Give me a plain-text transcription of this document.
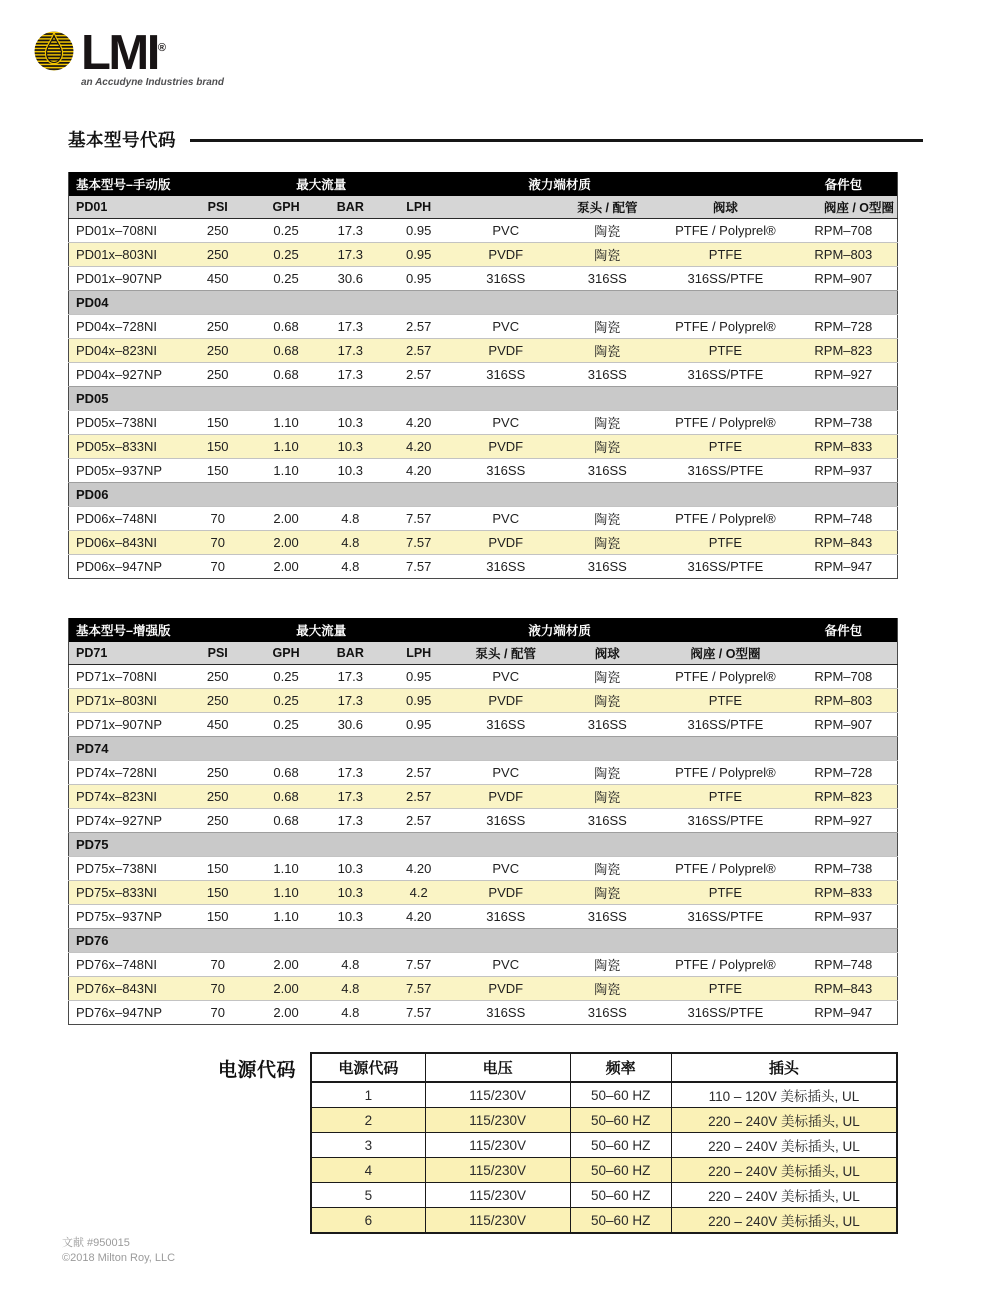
LMI®
an Accudyne Industries brand
基本型号代码
基本型号–手动版	最大流量				液力端材质			备件包
PD01	PSI	GPH	BAR	LPH		泵头 / 配管	阀球	阀座 / O型圈
PD01x–708NI	250	0.25	17.3	0.95	PVC	陶瓷	PTFE / Polyprel®	RPM–708
PD01x–803NI	250	0.25	17.3	0.95	PVDF	陶瓷	PTFE	RPM–803
PD01x–907NP	450	0.25	30.6	0.95	316SS	316SS	316SS/PTFE	RPM–907
PD04								
PD04x–728NI	250	0.68	17.3	2.57	PVC	陶瓷	PTFE / Polyprel®	RPM–728
PD04x–823NI	250	0.68	17.3	2.57	PVDF	陶瓷	PTFE	RPM–823
PD04x–927NP	250	0.68	17.3	2.57	316SS	316SS	316SS/PTFE	RPM–927
PD05								
PD05x–738NI	150	1.10	10.3	4.20	PVC	陶瓷	PTFE / Polyprel®	RPM–738
PD05x–833NI	150	1.10	10.3	4.20	PVDF	陶瓷	PTFE	RPM–833
PD05x–937NP	150	1.10	10.3	4.20	316SS	316SS	316SS/PTFE	RPM–937
PD06								
PD06x–748NI	70	2.00	4.8	7.57	PVC	陶瓷	PTFE / Polyprel®	RPM–748
PD06x–843NI	70	2.00	4.8	7.57	PVDF	陶瓷	PTFE	RPM–843
PD06x–947NP	70	2.00	4.8	7.57	316SS	316SS	316SS/PTFE	RPM–947
基本型号–增强版	最大流量				液力端材质			备件包
PD71	PSI	GPH	BAR	LPH	泵头 / 配管	阀球	阀座 / O型圈	
PD71x–708NI	250	0.25	17.3	0.95	PVC	陶瓷	PTFE / Polyprel®	RPM–708
PD71x–803NI	250	0.25	17.3	0.95	PVDF	陶瓷	PTFE	RPM–803
PD71x–907NP	450	0.25	30.6	0.95	316SS	316SS	316SS/PTFE	RPM–907
PD74								
PD74x–728NI	250	0.68	17.3	2.57	PVC	陶瓷	PTFE / Polyprel®	RPM–728
PD74x–823NI	250	0.68	17.3	2.57	PVDF	陶瓷	PTFE	RPM–823
PD74x–927NP	250	0.68	17.3	2.57	316SS	316SS	316SS/PTFE	RPM–927
PD75								
PD75x–738NI	150	1.10	10.3	4.20	PVC	陶瓷	PTFE / Polyprel®	RPM–738
PD75x–833NI	150	1.10	10.3	4.2	PVDF	陶瓷	PTFE	RPM–833
PD75x–937NP	150	1.10	10.3	4.20	316SS	316SS	316SS/PTFE	RPM–937
PD76								
PD76x–748NI	70	2.00	4.8	7.57	PVC	陶瓷	PTFE / Polyprel®	RPM–748
PD76x–843NI	70	2.00	4.8	7.57	PVDF	陶瓷	PTFE	RPM–843
PD76x–947NP	70	2.00	4.8	7.57	316SS	316SS	316SS/PTFE	RPM–947
电源代码	电源代码	电压	频率	插头
1	115/230V	50–60 HZ	110 – 120V 美标插头, UL
2	115/230V	50–60 HZ	220 – 240V 美标插头, UL
3	115/230V	50–60 HZ	220 – 240V 美标插头, UL
4	115/230V	50–60 HZ	220 – 240V 美标插头, UL
5	115/230V	50–60 HZ	220 – 240V 美标插头, UL
6	115/230V	50–60 HZ	220 – 240V 美标插头, UL
文献 #950015
©2018 Milton Roy, LLC
